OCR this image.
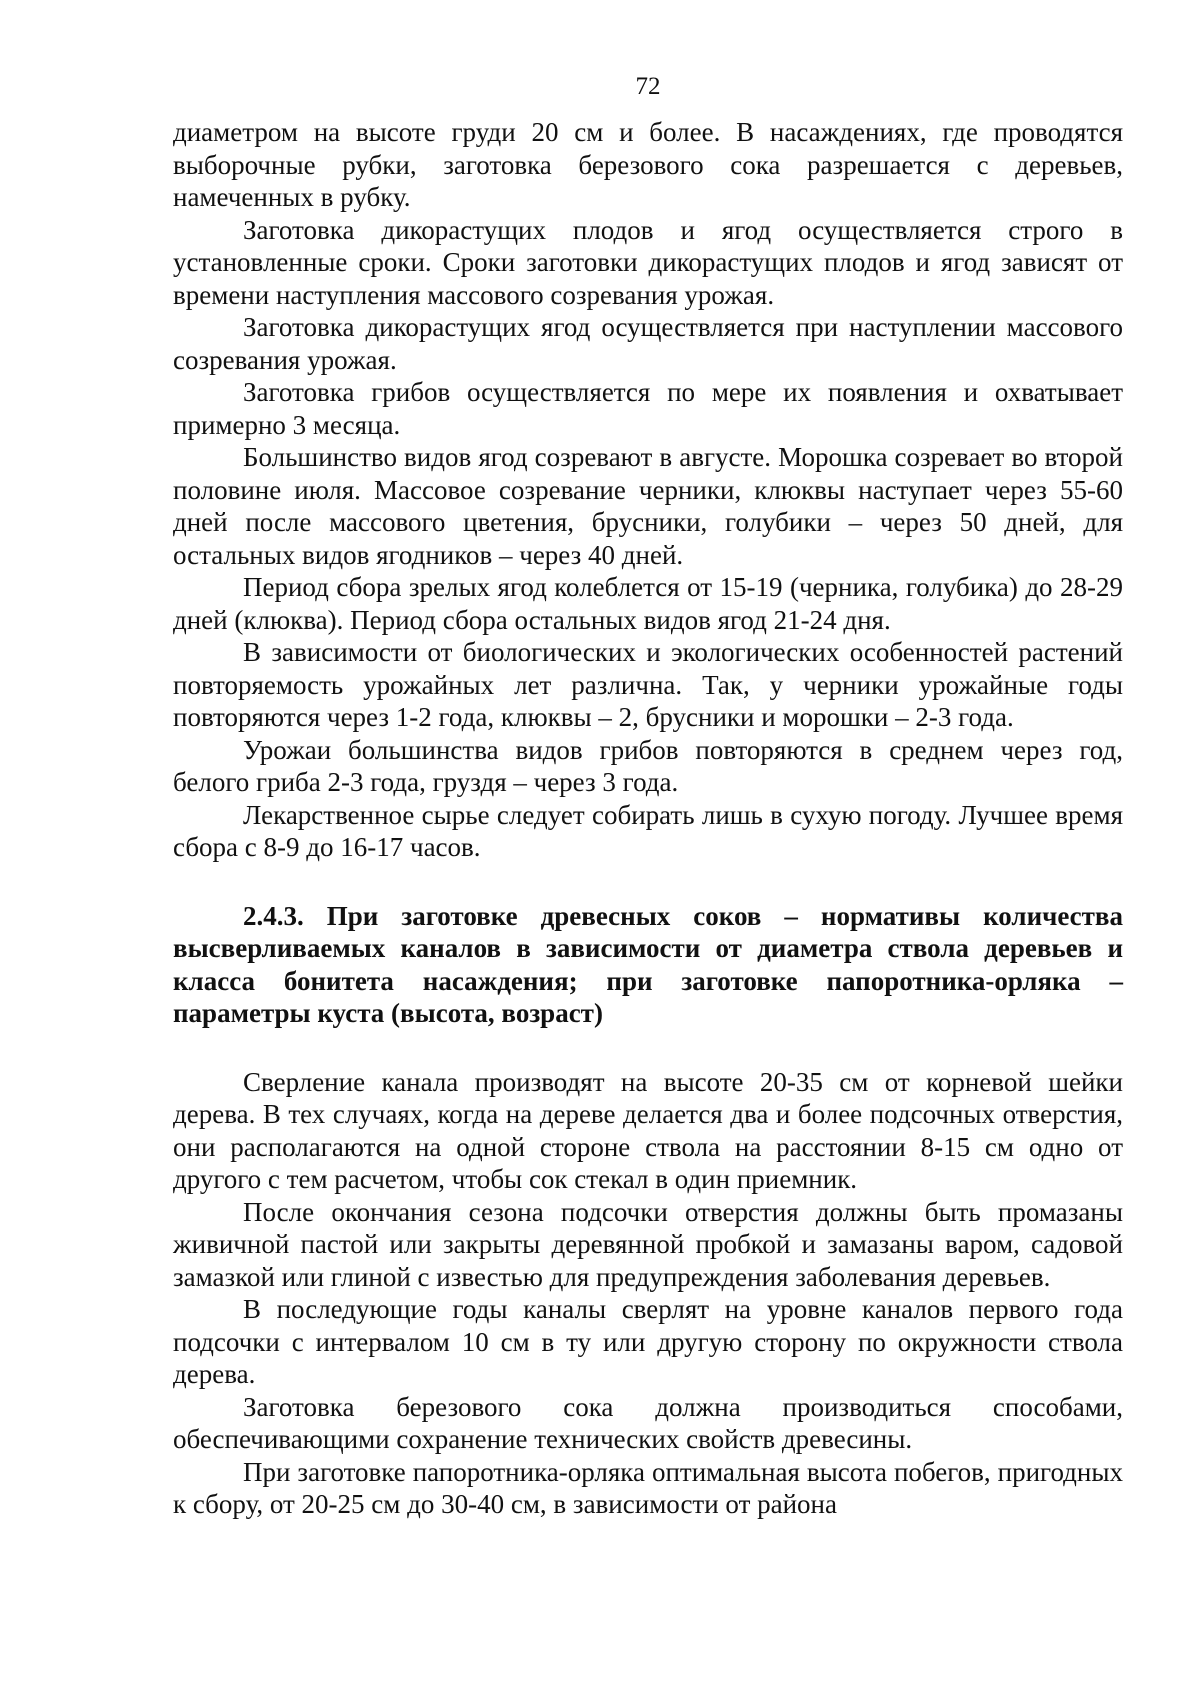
72

диаметром на высоте груди 20 см и более. В насаждениях, где проводятся выборочные рубки, заготовка березового сока разрешается с деревьев, намеченных в рубку.

Заготовка дикорастущих плодов и ягод осуществляется строго в установленные сроки. Сроки заготовки дикорастущих плодов и ягод зависят от времени наступления массового созревания урожая.

Заготовка дикорастущих ягод осуществляется при наступлении массового созревания урожая.

Заготовка грибов осуществляется по мере их появления и охватывает примерно 3 месяца.

Большинство видов ягод созревают в августе. Морошка созревает во второй половине июля. Массовое созревание черники, клюквы наступает через 55-60 дней после массового цветения, брусники, голубики – через 50 дней, для остальных видов ягодников – через 40 дней.

Период сбора зрелых ягод колеблется от 15-19 (черника, голубика) до 28-29 дней (клюква). Период сбора остальных видов ягод 21-24 дня.

В зависимости от биологических и экологических особенностей растений повторяемость урожайных лет различна. Так, у черники урожайные годы повторяются через 1-2 года, клюквы – 2, брусники и морошки – 2-3 года.

Урожаи большинства видов грибов повторяются в среднем через год, белого гриба 2-3 года, груздя – через 3 года.

Лекарственное сырье следует собирать лишь в сухую погоду. Лучшее время сбора с 8-9 до 16-17 часов.

2.4.3. При заготовке древесных соков – нормативы количества высверливаемых каналов в зависимости от диаметра ствола деревьев и класса бонитета насаждения; при заготовке папоротника-орляка – параметры куста (высота, возраст)

Сверление канала производят на высоте 20-35 см от корневой шейки дерева. В тех случаях, когда на дереве делается два и более подсочных отверстия, они располагаются на одной стороне ствола на расстоянии 8-15 см одно от другого с тем расчетом, чтобы сок стекал в один приемник.

После окончания сезона подсочки отверстия должны быть промазаны живичной пастой или закрыты деревянной пробкой и замазаны варом, садовой замазкой или глиной с известью для предупреждения заболевания деревьев.

В последующие годы каналы сверлят на уровне каналов первого года подсочки с интервалом 10 см в ту или другую сторону по окружности ствола дерева.

Заготовка березового сока должна производиться способами, обеспечивающими сохранение технических свойств древесины.

При заготовке папоротника-орляка оптимальная высота побегов, пригодных к сбору, от 20-25 см до 30-40 см, в зависимости от района
